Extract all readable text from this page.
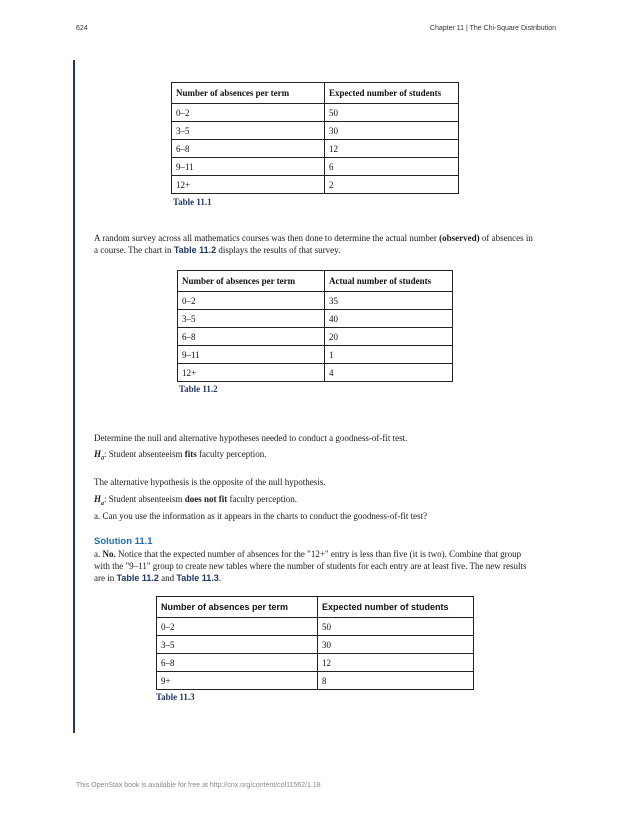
624	Chapter 11 | The Chi-Square Distribution
Number of absences per term	Expected number of students
0–2	50
3–5	30
6–8	12
9–11	6
12+	2
Table 11.1
A random survey across all mathematics courses was then done to determine the actual number (observed) of absences in a course. The chart in Table 11.2 displays the results of that survey.
Number of absences per term	Actual number of students
0–2	35
3–5	40
6–8	20
9–11	1
12+	4
Table 11.2
Determine the null and alternative hypotheses needed to conduct a goodness-of-fit test.
$H_0$: Student absenteeism fits faculty perception.
The alternative hypothesis is the opposite of the null hypothesis.
$H_a$: Student absenteeism does not fit faculty perception.
a. Can you use the information as it appears in the charts to conduct the goodness-of-fit test?
Solution 11.1
a. No. Notice that the expected number of absences for the "12+" entry is less than five (it is two). Combine that group with the "9–11" group to create new tables where the number of students for each entry are at least five. The new results are in Table 11.2 and Table 11.3.
Number of absences per term	Expected number of students
0–2	50
3–5	30
6–8	12
9+	8
Table 11.3
This OpenStax book is available for free at http://cnx.org/content/col11562/1.18
